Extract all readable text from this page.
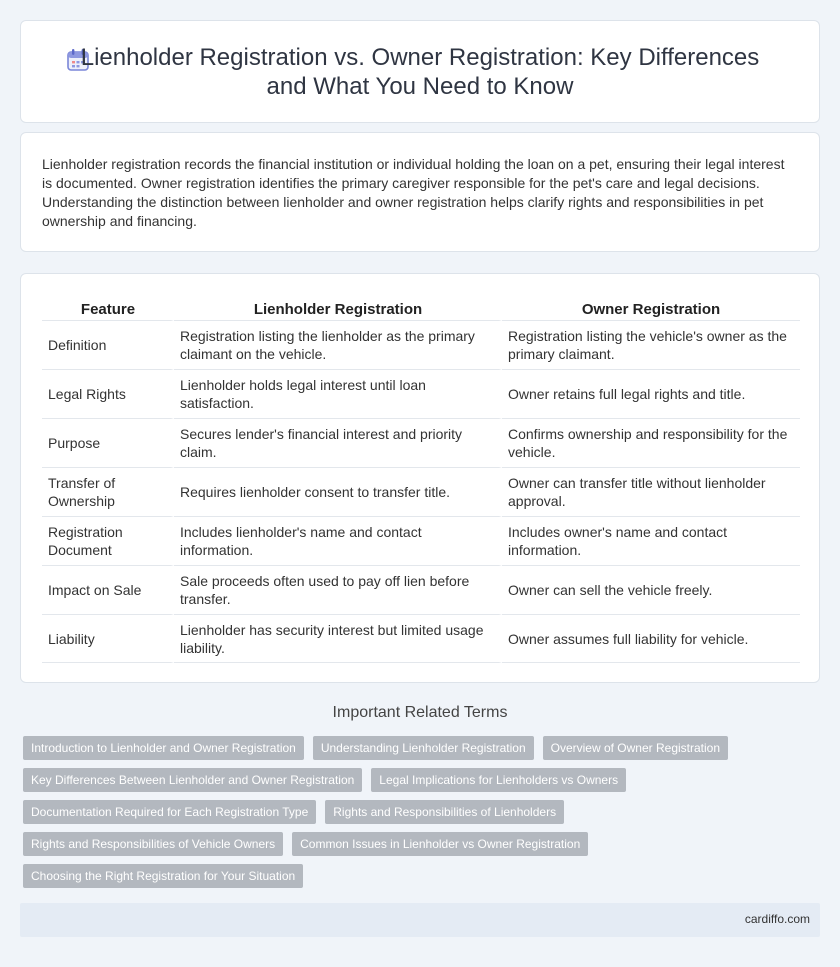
Lienholder Registration vs. Owner Registration: Key Differences and What You Need to Know

Lienholder registration records the financial institution or individual holding the loan on a pet, ensuring their legal interest is documented. Owner registration identifies the primary caregiver responsible for the pet's care and legal decisions. Understanding the distinction between lienholder and owner registration helps clarify rights and responsibilities in pet ownership and financing.

Feature	Lienholder Registration	Owner Registration
Definition	Registration listing the lienholder as the primary claimant on the vehicle.	Registration listing the vehicle's owner as the primary claimant.
Legal Rights	Lienholder holds legal interest until loan satisfaction.	Owner retains full legal rights and title.
Purpose	Secures lender's financial interest and priority claim.	Confirms ownership and responsibility for the vehicle.
Transfer of Ownership	Requires lienholder consent to transfer title.	Owner can transfer title without lienholder approval.
Registration Document	Includes lienholder's name and contact information.	Includes owner's name and contact information.
Impact on Sale	Sale proceeds often used to pay off lien before transfer.	Owner can sell the vehicle freely.
Liability	Lienholder has security interest but limited usage liability.	Owner assumes full liability for vehicle.
Important Related Terms
Introduction to Lienholder and Owner Registration	Understanding Lienholder Registration	Overview of Owner Registration
Key Differences Between Lienholder and Owner Registration	Legal Implications for Lienholders vs Owners
Documentation Required for Each Registration Type	Rights and Responsibilities of Lienholders
Rights and Responsibilities of Vehicle Owners	Common Issues in Lienholder vs Owner Registration
Choosing the Right Registration for Your Situation
cardiffo.com
